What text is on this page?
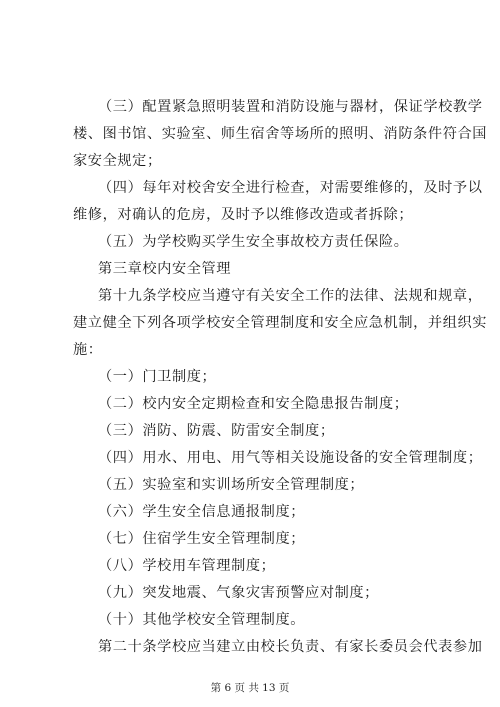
（三）配置紧急照明装置和消防设施与器材，保证学校教学
楼、图书馆、实验室、师生宿舍等场所的照明、消防条件符合国
家安全规定；
（四）每年对校舍安全进行检查，对需要维修的，及时予以
维修，对确认的危房，及时予以维修改造或者拆除；
（五）为学校购买学生安全事故校方责任保险。
第三章校内安全管理
第十九条学校应当遵守有关安全工作的法律、法规和规章，
建立健全下列各项学校安全管理制度和安全应急机制，并组织实
施：
（一）门卫制度；
（二）校内安全定期检查和安全隐患报告制度；
（三）消防、防震、防雷安全制度；
（四）用水、用电、用气等相关设施设备的安全管理制度；
（五）实验室和实训场所安全管理制度；
（六）学生安全信息通报制度；
（七）住宿学生安全管理制度；
（八）学校用车管理制度；
（九）突发地震、气象灾害预警应对制度；
（十）其他学校安全管理制度。
第二十条学校应当建立由校长负责、有家长委员会代表参加
第 6 页 共 13 页
